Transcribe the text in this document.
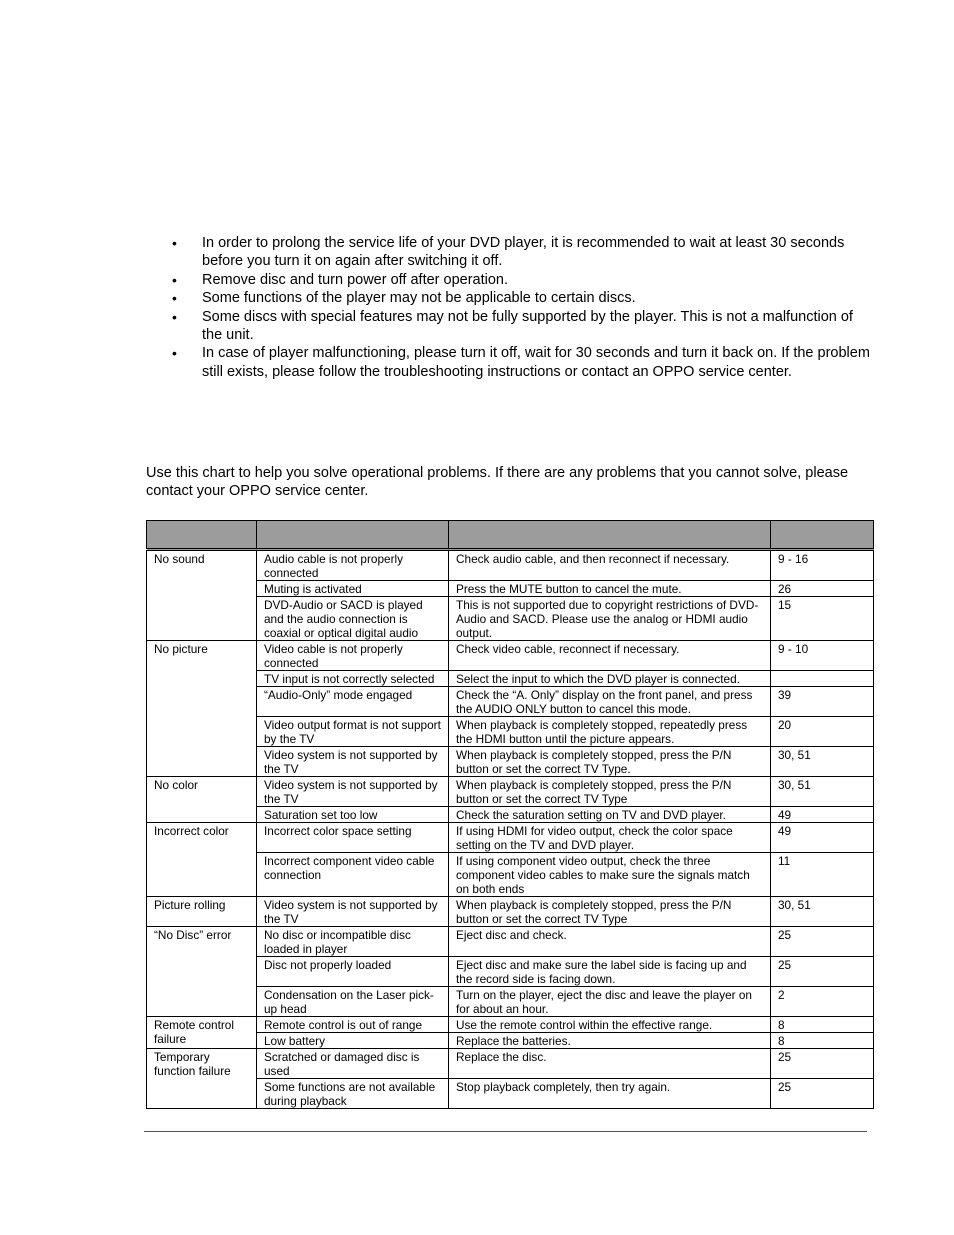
• In order to prolong the service life of your DVD player, it is recommended to wait at least 30 seconds before you turn it on again after switching it off.
• Remove disc and turn power off after operation.
• Some functions of the player may not be applicable to certain discs.
• Some discs with special features may not be fully supported by the player. This is not a malfunction of the unit.
• In case of player malfunctioning, please turn it off, wait for 30 seconds and turn it back on. If the problem still exists, please follow the troubleshooting instructions or contact an OPPO service center.

Use this chart to help you solve operational problems. If there are any problems that you cannot solve, please contact your OPPO service center.

No sound	Audio cable is not properly connected	Check audio cable, and then reconnect if necessary.	9 - 16
	Muting is activated	Press the MUTE button to cancel the mute.	26
	DVD-Audio or SACD is played and the audio connection is coaxial or optical digital audio	This is not supported due to copyright restrictions of DVD-Audio and SACD. Please use the analog or HDMI audio output.	15
No picture	Video cable is not properly connected	Check video cable, reconnect if necessary.	9 - 10
	TV input is not correctly selected	Select the input to which the DVD player is connected.	
	“Audio-Only” mode engaged	Check the “A. Only” display on the front panel, and press the AUDIO ONLY button to cancel this mode.	39
	Video output format is not support by the TV	When playback is completely stopped, repeatedly press the HDMI button until the picture appears.	20
	Video system is not supported by the TV	When playback is completely stopped, press the P/N button or set the correct TV Type.	30, 51
No color	Video system is not supported by the TV	When playback is completely stopped, press the P/N button or set the correct TV Type	30, 51
	Saturation set too low	Check the saturation setting on TV and DVD player.	49
Incorrect color	Incorrect color space setting	If using HDMI for video output, check the color space setting on the TV and DVD player.	49
	Incorrect component video cable connection	If using component video output, check the three component video cables to make sure the signals match on both ends	11
Picture rolling	Video system is not supported by the TV	When playback is completely stopped, press the P/N button or set the correct TV Type	30, 51
“No Disc” error	No disc or incompatible disc loaded in player	Eject disc and check.	25
	Disc not properly loaded	Eject disc and make sure the label side is facing up and the record side is facing down.	25
	Condensation on the Laser pick-up head	Turn on the player, eject the disc and leave the player on for about an hour.	2
Remote control failure	Remote control is out of range	Use the remote control within the effective range.	8
	Low battery	Replace the batteries.	8
Temporary function failure	Scratched or damaged disc is used	Replace the disc.	25
	Some functions are not available during playback	Stop playback completely, then try again.	25
